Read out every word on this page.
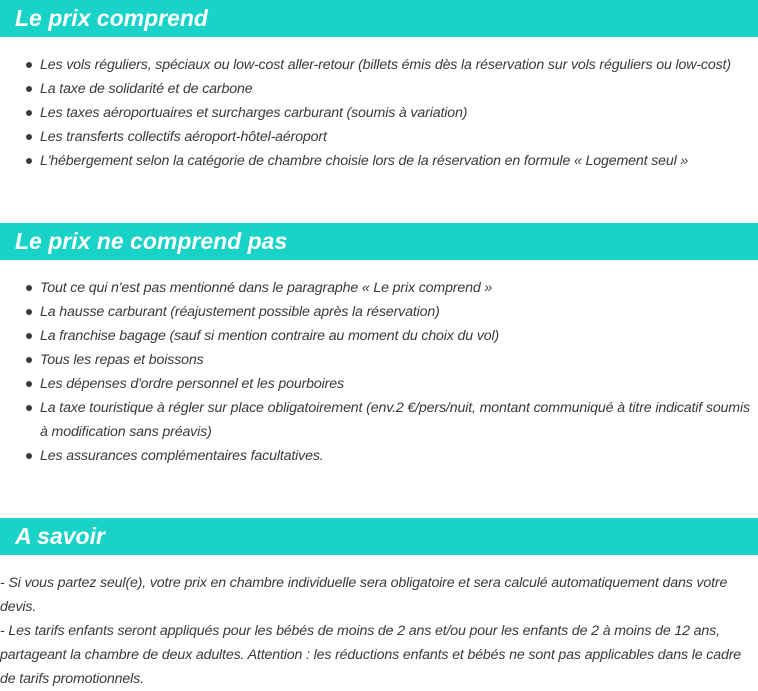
Le prix comprend
Les vols réguliers, spéciaux ou low-cost aller-retour (billets émis dès la réservation sur vols réguliers ou low-cost)
La taxe de solidarité et de carbone
Les taxes aéroportuaires et surcharges carburant (soumis à variation)
Les transferts collectifs aéroport-hôtel-aéroport
L'hébergement selon la catégorie de chambre choisie lors de la réservation en formule « Logement seul »
Le prix ne comprend pas
Tout ce qui n'est pas mentionné dans le paragraphe « Le prix comprend »
La hausse carburant (réajustement possible après la réservation)
La franchise bagage (sauf si mention contraire au moment du choix du vol)
Tous les repas et boissons
Les dépenses d'ordre personnel et les pourboires
La taxe touristique à régler sur place obligatoirement (env.2 €/pers/nuit, montant communiqué à titre indicatif soumis à modification sans préavis)
Les assurances complémentaires facultatives.
A savoir

- Si vous partez seul(e), votre prix en chambre individuelle sera obligatoire et sera calculé automatiquement dans votre devis.

- Les tarifs enfants seront appliqués pour les bébés de moins de 2 ans et/ou pour les enfants de 2 à moins de 12 ans, partageant la chambre de deux adultes. Attention : les réductions enfants et bébés ne sont pas applicables dans le cadre de tarifs promotionnels.
